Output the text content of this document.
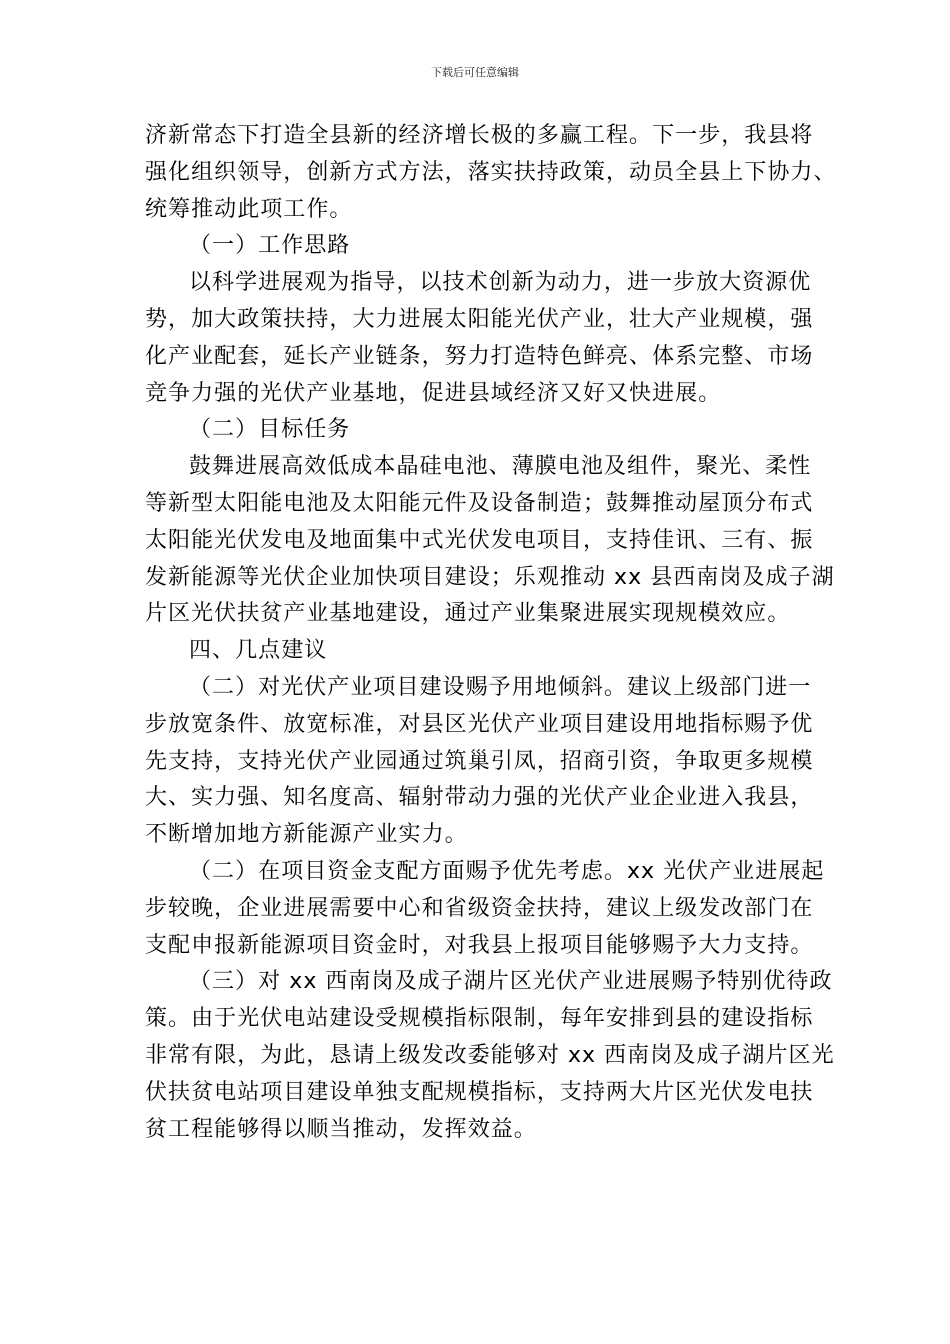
下载后可任意编辑
济新常态下打造全县新的经济增长极的多赢工程。下一步，我县将
强化组织领导，创新方式方法，落实扶持政策，动员全县上下协力、
统筹推动此项工作。
（一）工作思路
以科学进展观为指导，以技术创新为动力，进一步放大资源优
势，加大政策扶持，大力进展太阳能光伏产业，壮大产业规模，强
化产业配套，延长产业链条，努力打造特色鲜亮、体系完整、市场
竞争力强的光伏产业基地，促进县域经济又好又快进展。
（二）目标任务
鼓舞进展高效低成本晶硅电池、薄膜电池及组件，聚光、柔性
等新型太阳能电池及太阳能元件及设备制造；鼓舞推动屋顶分布式
太阳能光伏发电及地面集中式光伏发电项目，支持佳讯、三有、振
发新能源等光伏企业加快项目建设；乐观推动 xx 县西南岗及成子湖
片区光伏扶贫产业基地建设，通过产业集聚进展实现规模效应。
四、几点建议
（二）对光伏产业项目建设赐予用地倾斜。建议上级部门进一
步放宽条件、放宽标准，对县区光伏产业项目建设用地指标赐予优
先支持，支持光伏产业园通过筑巢引凤，招商引资，争取更多规模
大、实力强、知名度高、辐射带动力强的光伏产业企业进入我县，
不断增加地方新能源产业实力。
（二）在项目资金支配方面赐予优先考虑。xx 光伏产业进展起
步较晚，企业进展需要中心和省级资金扶持，建议上级发改部门在
支配申报新能源项目资金时，对我县上报项目能够赐予大力支持。
（三）对 xx 西南岗及成子湖片区光伏产业进展赐予特别优待政
策。由于光伏电站建设受规模指标限制，每年安排到县的建设指标
非常有限，为此，恳请上级发改委能够对 xx 西南岗及成子湖片区光
伏扶贫电站项目建设单独支配规模指标，支持两大片区光伏发电扶
贫工程能够得以顺当推动，发挥效益。
